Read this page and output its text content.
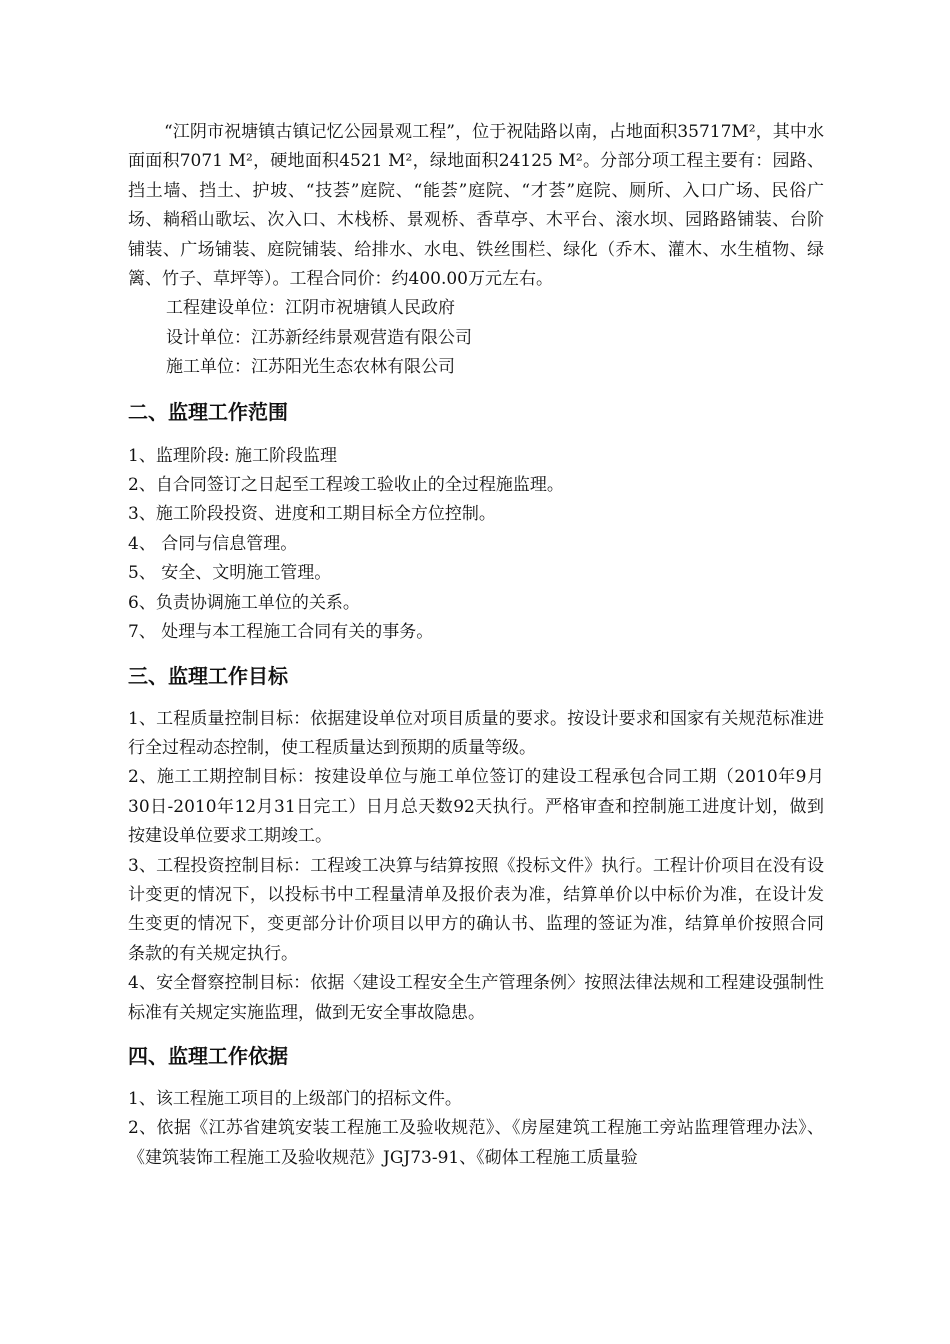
“江阴市祝塘镇古镇记忆公园景观工程”，位于祝陆路以南，占地面积35717M²，其中水面面积7071 M²，硬地面积4521 M²，绿地面积24125 M²。分部分项工程主要有：园路、挡土墙、挡土、护坡、“技荟”庭院、“能荟”庭院、“才荟”庭院、厕所、入口广场、民俗广场、耥稻山歌坛、次入口、木栈桥、景观桥、香草亭、木平台、滚水坝、园路路铺装、台阶铺装、广场铺装、庭院铺装、给排水、水电、铁丝围栏、绿化（乔木、灌木、水生植物、绿篱、竹子、草坪等）。工程合同价：约400.00万元左右。

工程建设单位：江阴市祝塘镇人民政府

设计单位：江苏新经纬景观营造有限公司

施工单位：江苏阳光生态农林有限公司

二、监理工作范围

1、监理阶段: 施工阶段监理

2、自合同签订之日起至工程竣工验收止的全过程施监理。

3、施工阶段投资、进度和工期目标全方位控制。

4、 合同与信息管理。

5、 安全、文明施工管理。

6、负责协调施工单位的关系。

7、 处理与本工程施工合同有关的事务。

三、监理工作目标

1、工程质量控制目标：依据建设单位对项目质量的要求。按设计要求和国家有关规范标准进行全过程动态控制，使工程质量达到预期的质量等级。

2、施工工期控制目标：按建设单位与施工单位签订的建设工程承包合同工期（2010年9月30日-2010年12月31日完工）日月总天数92天执行。严格审查和控制施工进度计划，做到按建设单位要求工期竣工。

3、工程投资控制目标：工程竣工决算与结算按照《投标文件》执行。工程计价项目在没有设计变更的情况下，以投标书中工程量清单及报价表为准，结算单价以中标价为准，在设计发生变更的情况下，变更部分计价项目以甲方的确认书、监理的签证为准，结算单价按照合同条款的有关规定执行。

4、安全督察控制目标：依据〈建设工程安全生产管理条例〉按照法律法规和工程建设强制性标准有关规定实施监理，做到无安全事故隐患。

四、监理工作依据

1、该工程施工项目的上级部门的招标文件。

2、依据《江苏省建筑安装工程施工及验收规范》、《房屋建筑工程施工旁站监理管理办法》、《建筑装饰工程施工及验收规范》JGJ73-91、《砌体工程施工质量验
